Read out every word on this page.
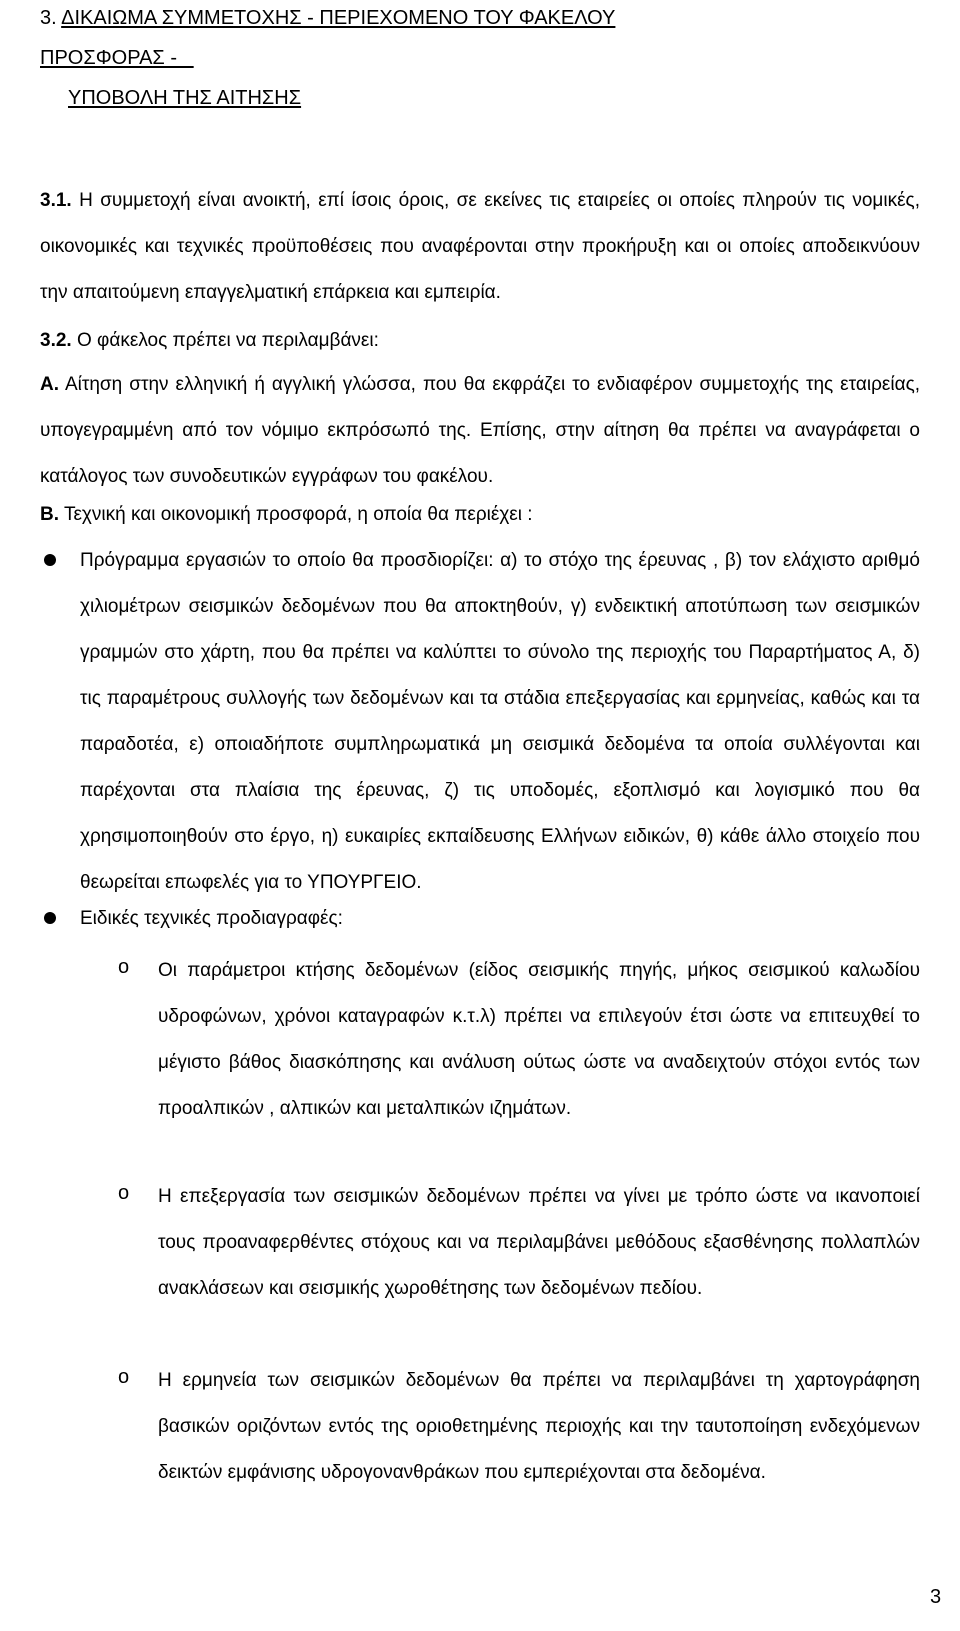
3. ΔΙΚΑΙΩΜΑ ΣΥΜΜΕΤΟΧΗΣ - ΠΕΡΙΕΧΟΜΕΝΟ ΤΟΥ ΦΑΚΕΛΟΥ
ΠΡΟΣΦΟΡΑΣ -
ΥΠΟΒΟΛΗ ΤΗΣ ΑΙΤΗΣΗΣ
3.1. Η συμμετοχή είναι ανοικτή, επί ίσοις όροις, σε εκείνες τις εταιρείες οι οποίες πληρούν τις νομικές, οικονομικές και τεχνικές προϋποθέσεις που αναφέρονται στην προκήρυξη και οι οποίες αποδεικνύουν την απαιτούμενη επαγγελματική επάρκεια και εμπειρία.
3.2. Ο φάκελος πρέπει να περιλαμβάνει:
Α. Αίτηση στην ελληνική ή αγγλική γλώσσα, που θα εκφράζει το ενδιαφέρον συμμετοχής της εταιρείας, υπογεγραμμένη από τον νόμιμο εκπρόσωπό της. Επίσης, στην αίτηση θα πρέπει να αναγράφεται ο κατάλογος των συνοδευτικών εγγράφων του φακέλου.
Β. Τεχνική και οικονομική προσφορά, η οποία θα περιέχει :
Πρόγραμμα εργασιών το οποίο θα προσδιορίζει: α) το στόχο της έρευνας , β) τον ελάχιστο αριθμό χιλιομέτρων σεισμικών δεδομένων που θα αποκτηθούν, γ) ενδεικτική αποτύπωση των σεισμικών γραμμών στο χάρτη, που θα πρέπει να καλύπτει το σύνολο της περιοχής του Παραρτήματος Α, δ) τις παραμέτρους συλλογής των δεδομένων και τα στάδια επεξεργασίας και ερμηνείας, καθώς και τα παραδοτέα, ε) οποιαδήποτε συμπληρωματικά μη σεισμικά δεδομένα τα οποία συλλέγονται και παρέχονται στα πλαίσια της έρευνας, ζ) τις υποδομές, εξοπλισμό και λογισμικό που θα χρησιμοποιηθούν στο έργο, η) ευκαιρίες εκπαίδευσης Ελλήνων ειδικών, θ) κάθε άλλο στοιχείο που θεωρείται επωφελές για το ΥΠΟΥΡΓΕΙΟ.
Ειδικές τεχνικές προδιαγραφές:
o Οι παράμετροι κτήσης δεδομένων (είδος σεισμικής πηγής, μήκος σεισμικού καλωδίου υδροφώνων, χρόνοι καταγραφών κ.τ.λ) πρέπει να επιλεγούν έτσι ώστε να επιτευχθεί το μέγιστο βάθος διασκόπησης και ανάλυση ούτως ώστε να αναδειχτούν στόχοι εντός των προαλπικών , αλπικών και μεταλπικών ιζημάτων.
o Η επεξεργασία των σεισμικών δεδομένων πρέπει να γίνει με τρόπο ώστε να ικανοποιεί τους προαναφερθέντες στόχους και να περιλαμβάνει μεθόδους εξασθένησης πολλαπλών ανακλάσεων και σεισμικής χωροθέτησης των δεδομένων πεδίου.
o Η ερμηνεία των σεισμικών δεδομένων θα πρέπει να περιλαμβάνει τη χαρτογράφηση βασικών οριζόντων εντός της οριοθετημένης περιοχής και την ταυτοποίηση ενδεχόμενων δεικτών εμφάνισης υδρογονανθράκων που εμπεριέχονται στα δεδομένα.
3
